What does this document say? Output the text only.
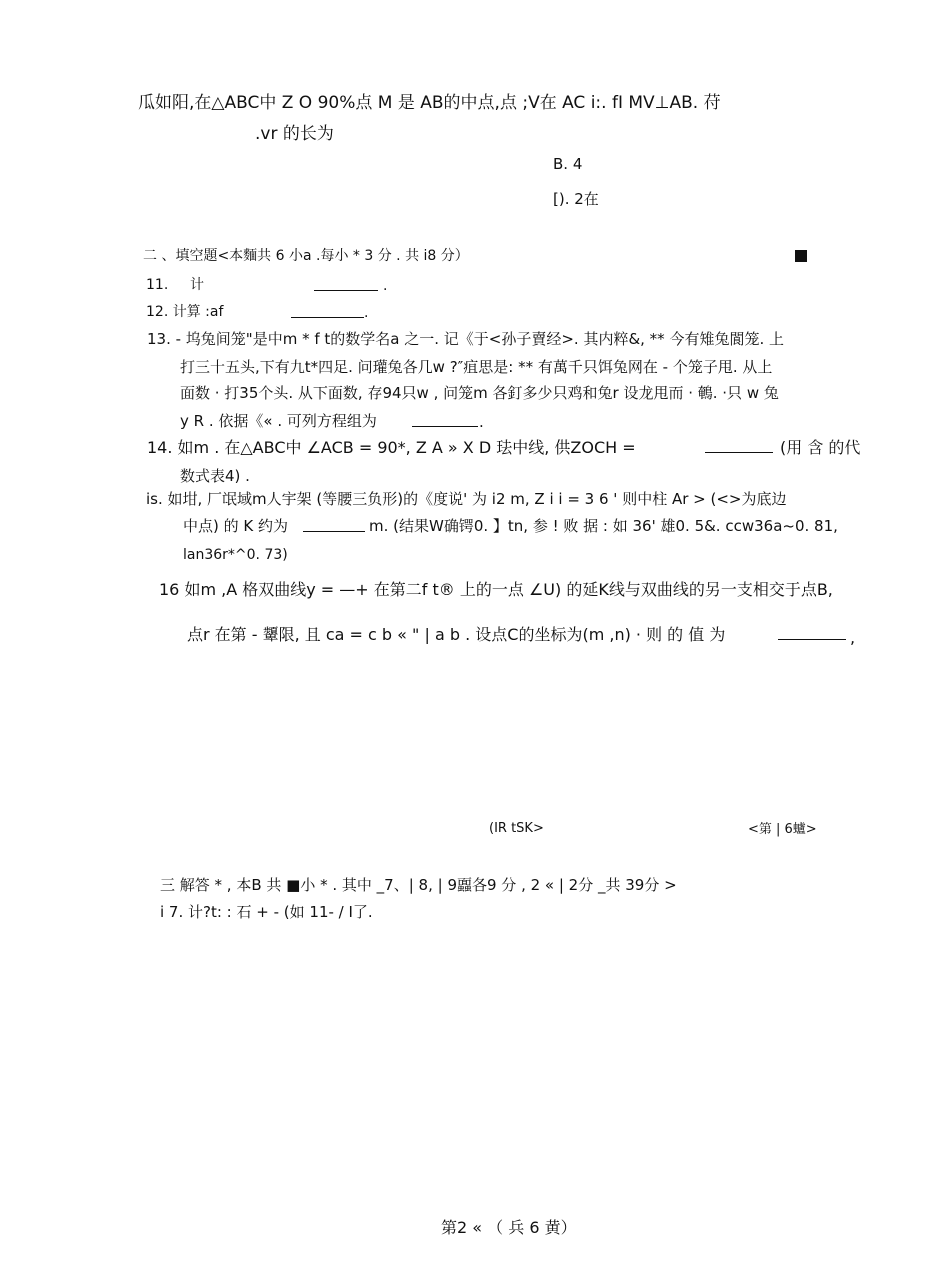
瓜如阳,在△ABC中 Z O 90%点 M 是 AB的中点,点 ;V在 AC i:. fI MV⊥AB. 苻
.vr 的长为
B. 4
[). 2在
二 、填空題<本麵共 6 小a .每小 * 3 分 . 共 i8 分）
11. 计	.
12. 计算 :af	.
13. - 坞兔间笼"是中m * f t的数学名a 之一. 记《于<孙子賣经>. 其内粹&, ** 今有雉兔閬笼. 上
打三十五头,下有九t*四足. 问瓘兔各几w ?″疽思是: ** 有萬千只饵兔网在 - 个笼子甩. 从上
面数 · 打35个头. 从下面数, 存94只w , 问笼m 各釘多少只鸡和兔r 设龙甩而 · 鵪. ·只 w 兔
y R . 依据《« . 可列方程组为	.
14. 如m . 在△ABC中 ∠ACB = 90*, Z A » X D 珐中线, 供ZOCH =	(用 含 的代
数式表4) .
is. 如坩, 厂氓域m人宇架 (等腰三负形)的《度说' 为 i2 m, Z i i = 3 6 ' 则中柱 Ar > (<>为底边
中点) 的 K 约为	m. (结果W确锷0. 】tn, 参 ! 败 据 : 如 36' 雄0. 5&. ccw36a~0. 81,
lan36r*^0. 73)
16 如m ,A 格双曲线y = —+ 在第二f t® 上的一点 ∠U) 的延K线与双曲线的另一支相交于点B,
点r 在第 - 顰限, 且 ca = c b « " | a b . 设点C的坐标为(m ,n) · 则 的 值 为	,
(IR tSK>	<第 | 6蠦>
三 解答 * , 本B 共 ■小 * . 其中 _7、| 8, | 9蠠各9 分 , 2 « | 2分 _共 39分 >
i 7. 计?t: : 石 + - (如 11- / I了.
第2 « （ 兵 6 黄）
